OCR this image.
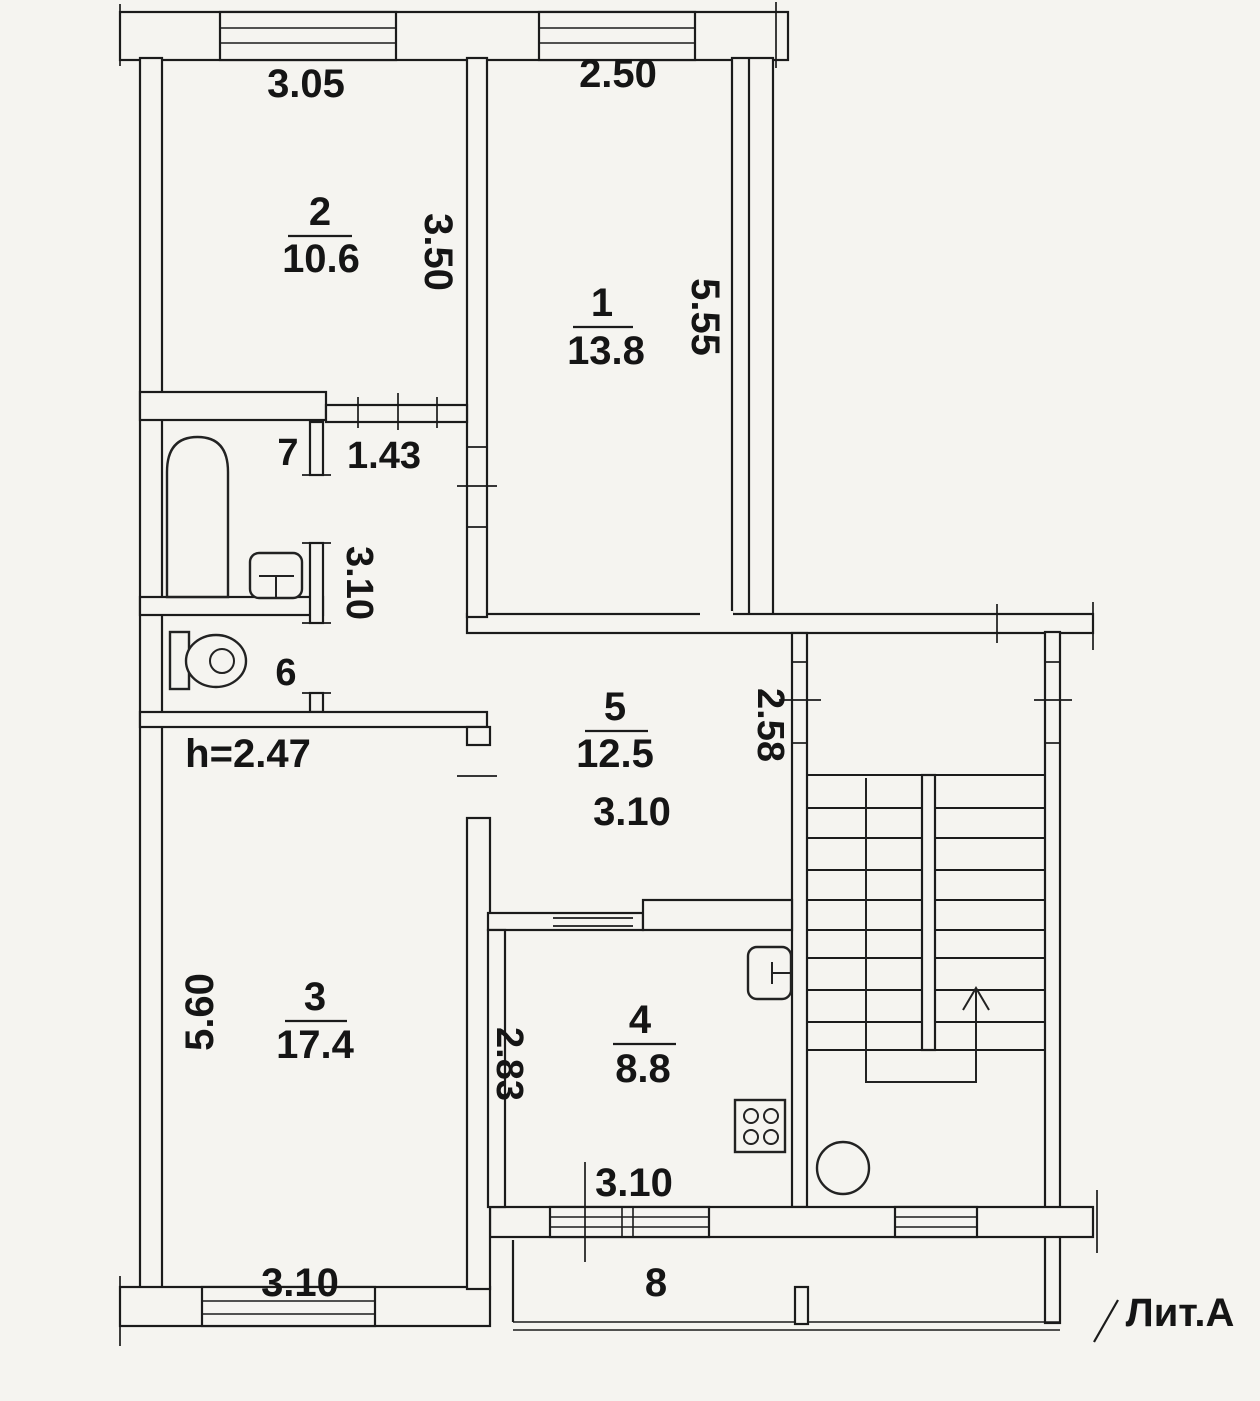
3.05
2
10.6 3.50
2.50
1
13.8 5.55
7 1.43
3.10
6
5
12.5
3.10
2.58
h=2.47
3
17.4
5.60
3.10
4
8.8
2.83
3.10
8
Лит.А
